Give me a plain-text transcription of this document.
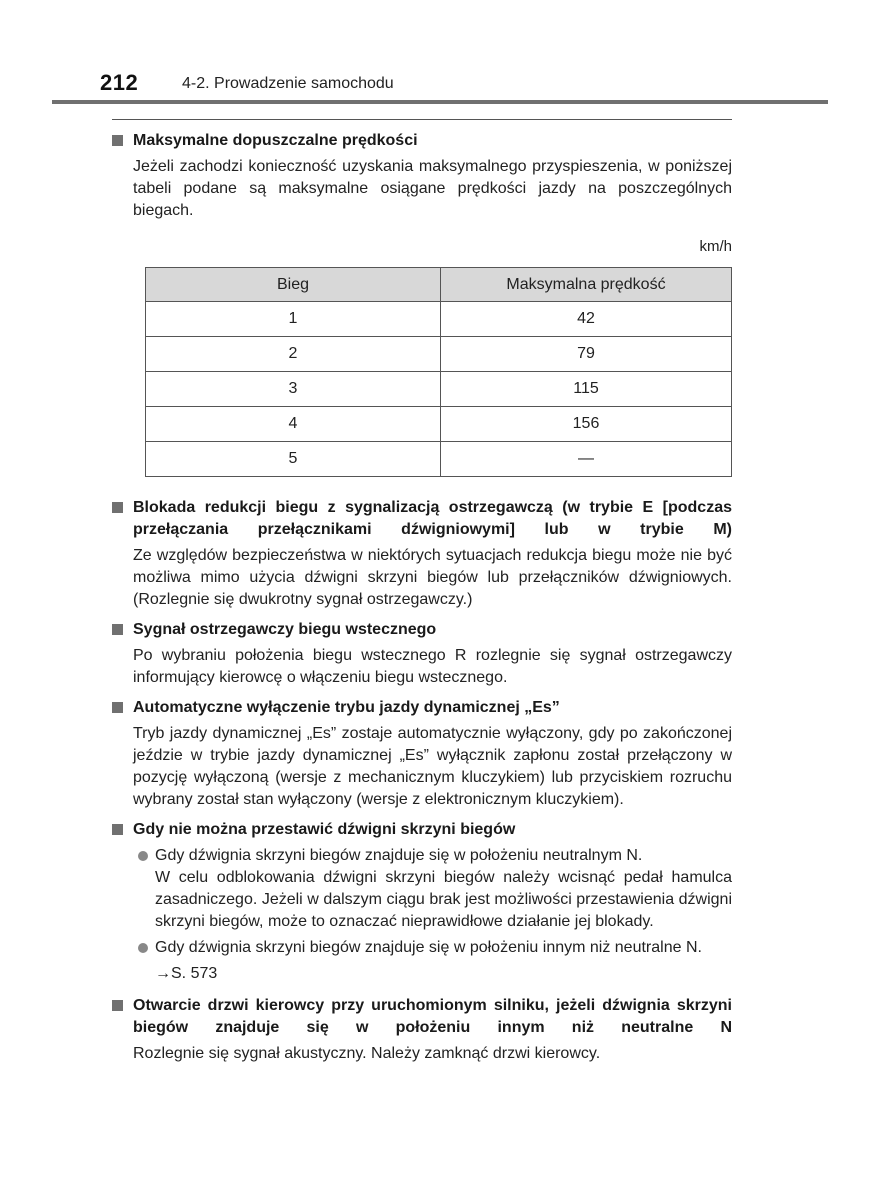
212	4-2. Prowadzenie samochodu
Maksymalne dopuszczalne prędkości
Jeżeli zachodzi konieczność uzyskania maksymalnego przyspieszenia, w poniższej tabeli podane są maksymalne osiągane prędkości jazdy na poszczególnych biegach.
km/h
Bieg	Maksymalna prędkość
1	42
2	79
3	115
4	156
5	—
Blokada redukcji biegu z sygnalizacją ostrzegawczą (w trybie E [podczas przełączania przełącznikami dźwigniowymi] lub w trybie M)
Ze względów bezpieczeństwa w niektórych sytuacjach redukcja biegu może nie być możliwa mimo użycia dźwigni skrzyni biegów lub przełączników dźwigniowych. (Rozlegnie się dwukrotny sygnał ostrzegawczy.)
Sygnał ostrzegawczy biegu wstecznego
Po wybraniu położenia biegu wstecznego R rozlegnie się sygnał ostrzegawczy informujący kierowcę o włączeniu biegu wstecznego.
Automatyczne wyłączenie trybu jazdy dynamicznej „Es”
Tryb jazdy dynamicznej „Es” zostaje automatycznie wyłączony, gdy po zakończonej jeździe w trybie jazdy dynamicznej „Es” wyłącznik zapłonu został przełączony w pozycję wyłączoną (wersje z mechanicznym kluczykiem) lub przyciskiem rozruchu wybrany został stan wyłączony (wersje z elektronicznym kluczykiem).
Gdy nie można przestawić dźwigni skrzyni biegów
Gdy dźwignia skrzyni biegów znajduje się w położeniu neutralnym N.
W celu odblokowania dźwigni skrzyni biegów należy wcisnąć pedał hamulca zasadniczego. Jeżeli w dalszym ciągu brak jest możliwości przestawienia dźwigni skrzyni biegów, może to oznaczać nieprawidłowe działanie jej blokady.
Gdy dźwignia skrzyni biegów znajduje się w położeniu innym niż neutralne N.
→S. 573
Otwarcie drzwi kierowcy przy uruchomionym silniku, jeżeli dźwignia skrzyni biegów znajduje się w położeniu innym niż neutralne N
Rozlegnie się sygnał akustyczny. Należy zamknąć drzwi kierowcy.
